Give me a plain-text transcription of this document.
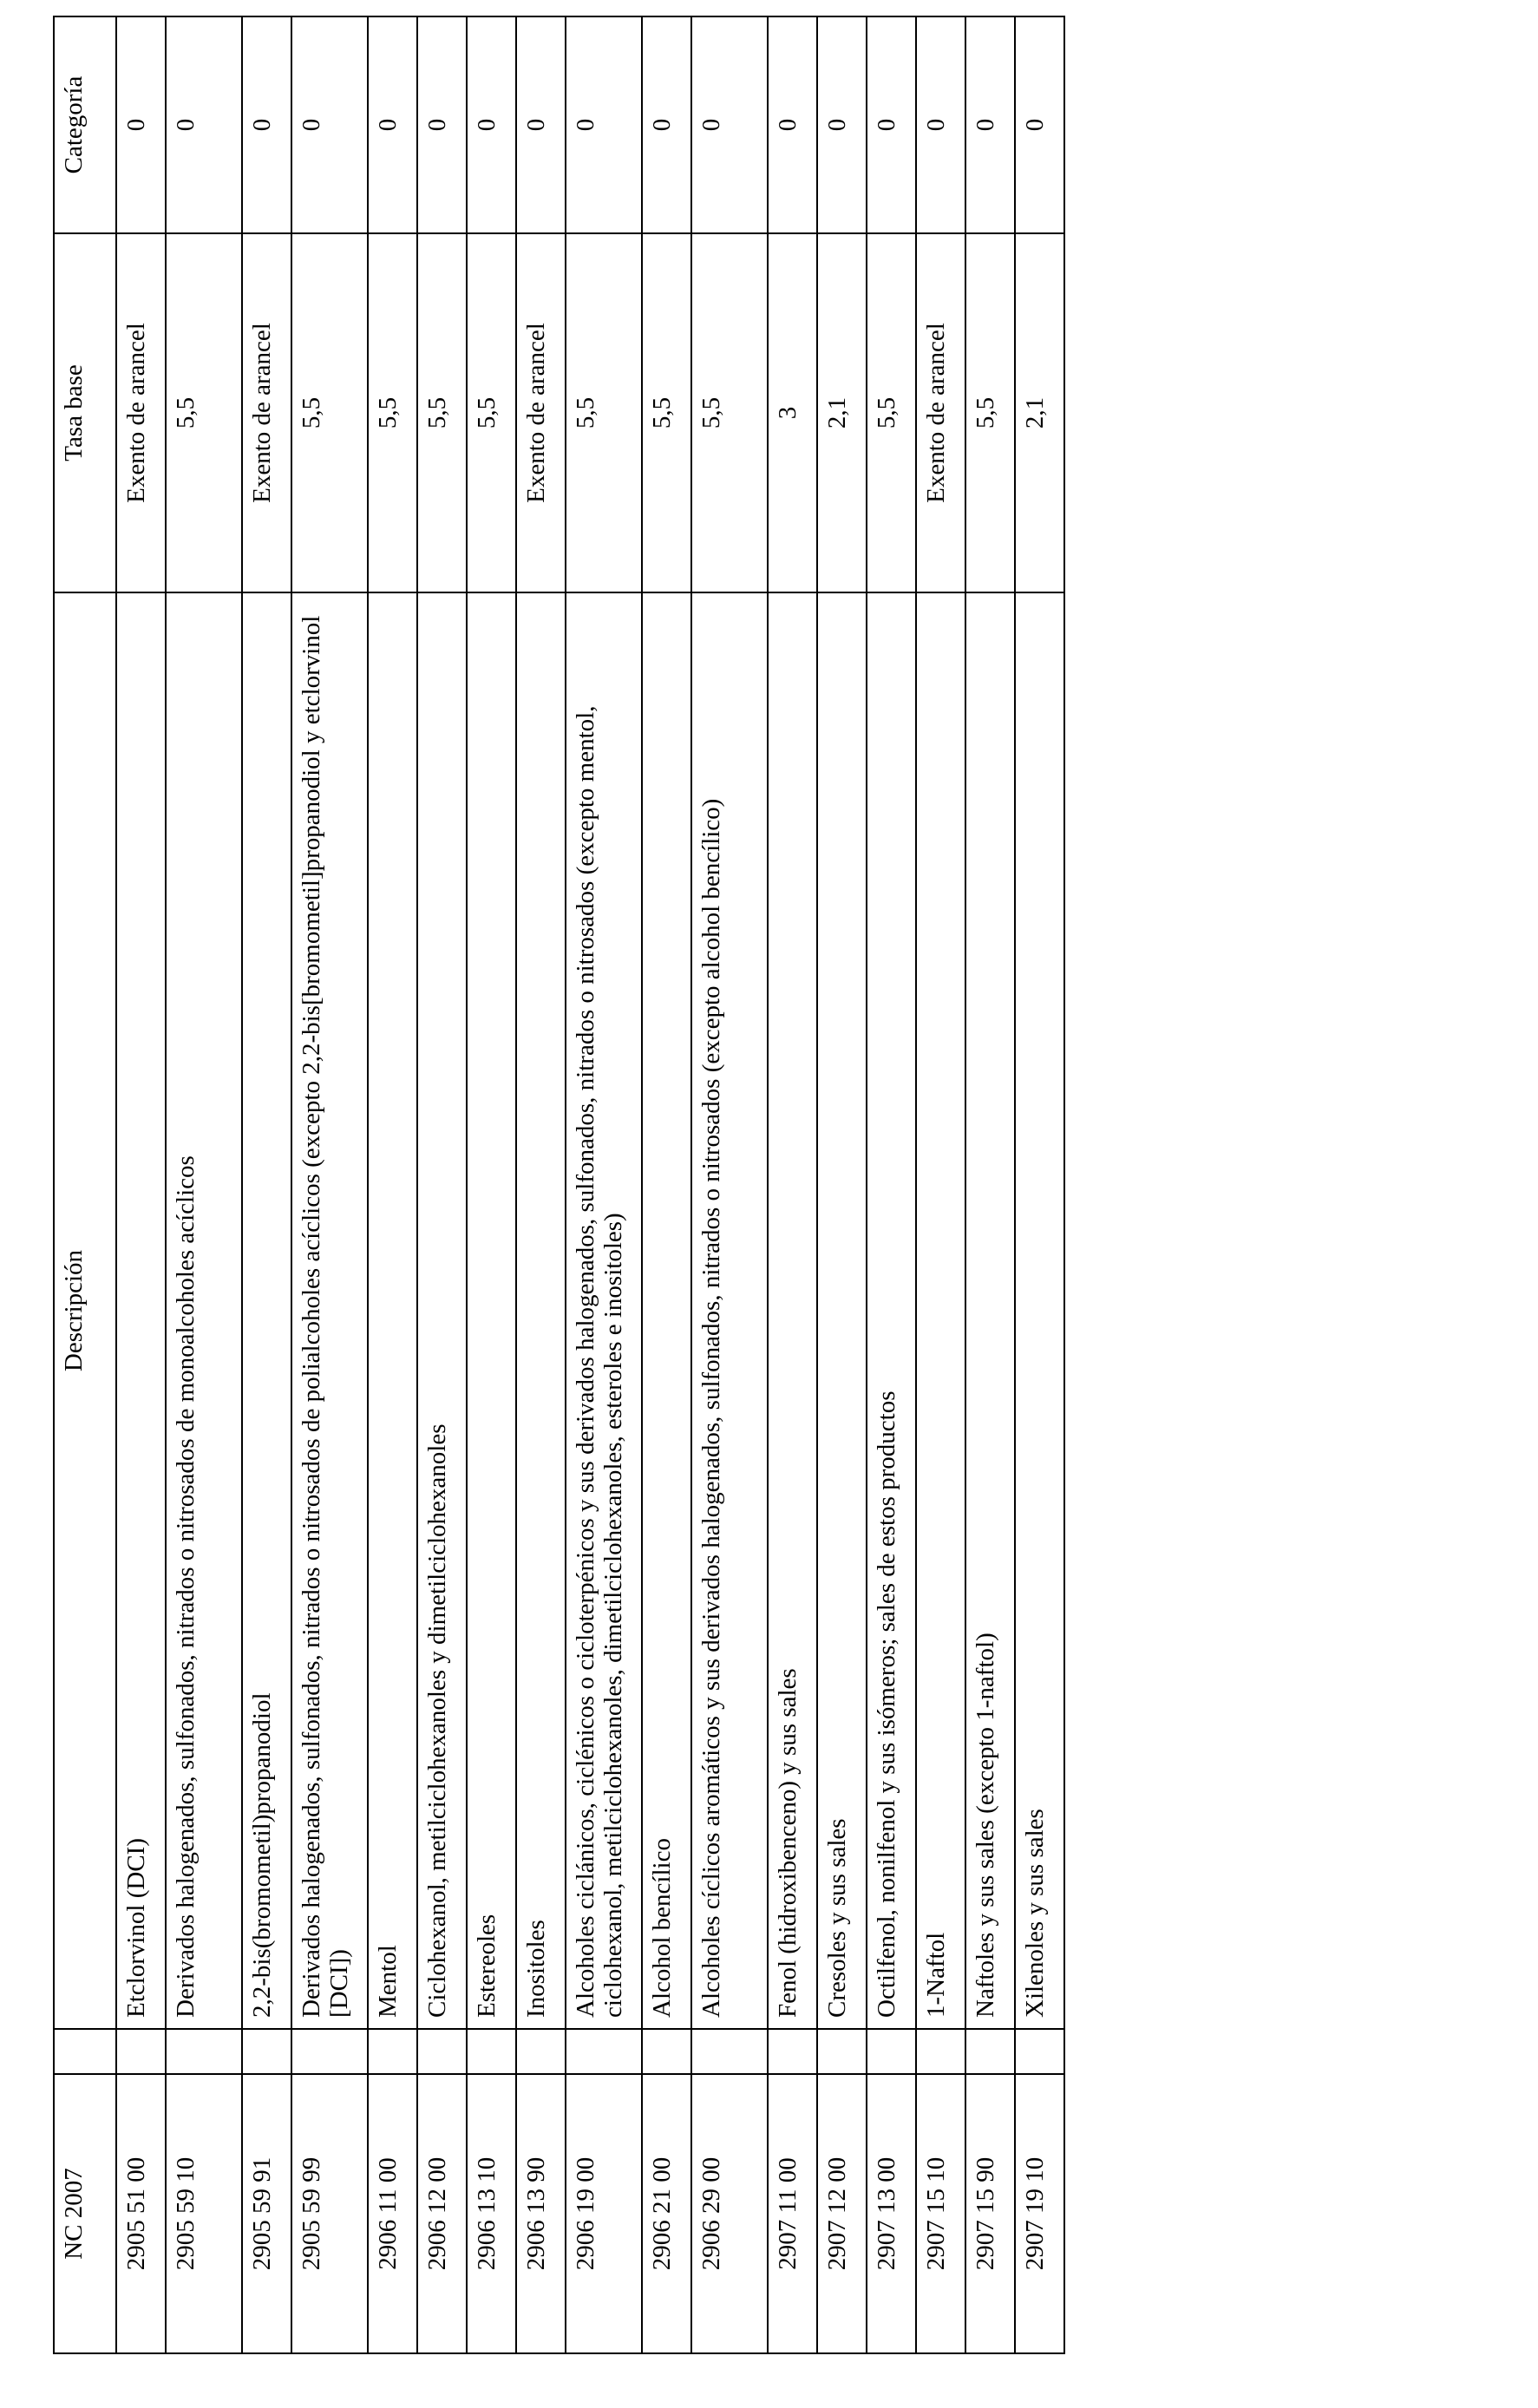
NC 2007		Descripción	Tasa base	Categoría
2905 51 00		Etclorvinol (DCI)	Exento de arancel	0
2905 59 10		Derivados halogenados, sulfonados, nitrados o nitrosados de monoalcoholes acíclicos	5,5	0
2905 59 91		2,2-bis(bromometil)propanodiol	Exento de arancel	0
2905 59 99		Derivados halogenados, sulfonados, nitrados o nitrosados de polialcoholes acíclicos (excepto 2,2-bis[bromometil]propanodiol y etclorvinol [DCI])	5,5	0
2906 11 00		Mentol	5,5	0
2906 12 00		Ciclohexanol, metilciclohexanoles y dimetilciclohexanoles	5,5	0
2906 13 10		Estereoles	5,5	0
2906 13 90		Inositoles	Exento de arancel	0
2906 19 00		Alcoholes ciclánicos, ciclénicos o cicloterpénicos y sus derivados halogenados, sulfonados, nitrados o nitrosados (excepto mentol, ciclohexanol, metilciclohexanoles, dimetilciclohexanoles, esteroles e inositoles)	5,5	0
2906 21 00		Alcohol bencílico	5,5	0
2906 29 00		Alcoholes cíclicos aromáticos y sus derivados halogenados, sulfonados, nitrados o nitrosados (excepto alcohol bencílico)	5,5	0
2907 11 00		Fenol (hidroxibenceno) y sus sales	3	0
2907 12 00		Cresoles y sus sales	2,1	0
2907 13 00		Octilfenol, nonilfenol y sus isómeros; sales de estos productos	5,5	0
2907 15 10		1-Naftol	Exento de arancel	0
2907 15 90		Naftoles y sus sales (excepto 1-naftol)	5,5	0
2907 19 10		Xilenoles y sus sales	2,1	0
